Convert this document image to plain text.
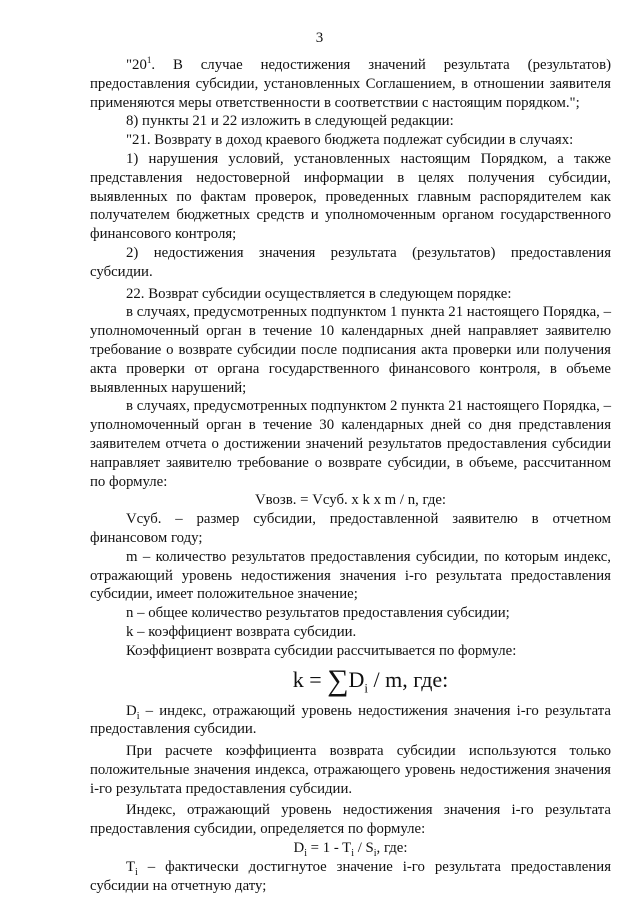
3

"$20^1$. В случае недостижения значений результата (результатов) предоставления субсидии, установленных Соглашением, в отношении заявителя применяются меры ответственности в соответствии с настоящим порядком.";

8) пункты 21 и 22 изложить в следующей редакции:

"21. Возврату в доход краевого бюджета подлежат субсидии в случаях:

1) нарушения условий, установленных настоящим Порядком, а также представления недостоверной информации в целях получения субсидии, выявленных по фактам проверок, проведенных главным распорядителем как получателем бюджетных средств и уполномоченным органом государственного финансового контроля;

2) недостижения значения результата (результатов) предоставления субсидии.

22. Возврат субсидии осуществляется в следующем порядке:

в случаях, предусмотренных подпунктом 1 пункта 21 настоящего Порядка, – уполномоченный орган в течение 10 календарных дней направляет заявителю требование о возврате субсидии после подписания акта проверки или получения акта проверки от органа государственного финансового контроля, в объеме выявленных нарушений;

в случаях, предусмотренных подпунктом 2 пункта 21 настоящего Порядка, – уполномоченный орган в течение 30 календарных дней со дня представления заявителем отчета о достижении значений результатов предоставления субсидии направляет заявителю требование о возврате субсидии, в объеме, рассчитанном по формуле:

Vвозв. = Vсуб. x k x m / n, где:

Vсуб. – размер субсидии, предоставленной заявителю в отчетном финансовом году;

m – количество результатов предоставления субсидии, по которым индекс, отражающий уровень недостижения значения i-го результата предоставления субсидии, имеет положительное значение;

n – общее количество результатов предоставления субсидии;

k – коэффициент возврата субсидии.

Коэффициент возврата субсидии рассчитывается по формуле:

$k = \sum D_i / m$, где:

$D_i$ – индекс, отражающий уровень недостижения значения i-го результата предоставления субсидии.

При расчете коэффициента возврата субсидии используются только положительные значения индекса, отражающего уровень недостижения значения i-го результата предоставления субсидии.

Индекс, отражающий уровень недостижения значения i-го результата предоставления субсидии, определяется по формуле:

$D_i = 1 - T_i / S_i$, где:

$T_i$ – фактически достигнутое значение i-го результата предоставления субсидии на отчетную дату;
